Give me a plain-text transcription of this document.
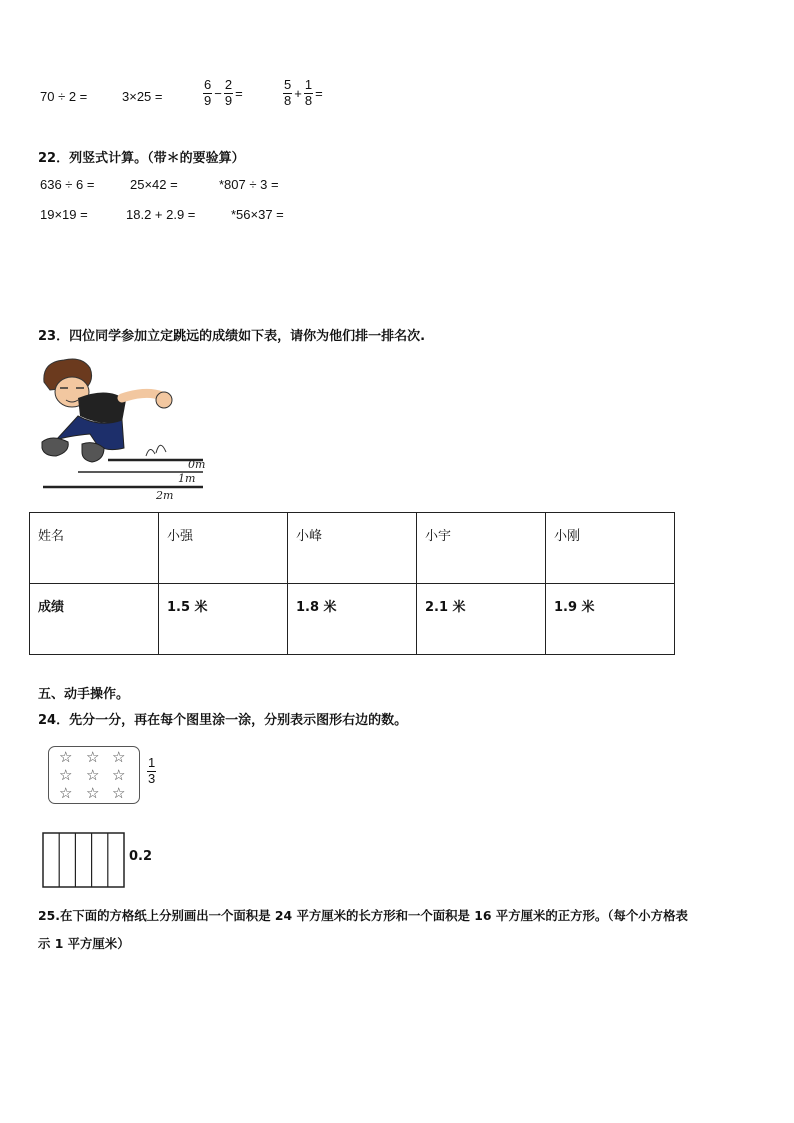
70 ÷ 2 =	3×25 =	$\frac{6}{9} - \frac{2}{9}$ =	$\frac{5}{8} + \frac{1}{8}$ =
22．列竖式计算。（带＊的要验算）
636 ÷ 6 =	25×42 =	*807 ÷ 3 =
19×19 =	18.2 + 2.9 =	*56×37 =
23．四位同学参加立定跳远的成绩如下表，请你为他们排一排名次.
0m
1m
2m
姓名	小强	小峰	小宇	小刚
成绩	1.5 米	1.8 米	2.1 米	1.9 米
五、动手操作。
24．先分一分，再在每个图里涂一涂，分别表示图形右边的数。
☆ ☆ ☆
☆ ☆ ☆
☆ ☆ ☆
$\frac{1}{3}$
0.2
25.在下面的方格纸上分别画出一个面积是 24 平方厘米的长方形和一个面积是 16 平方厘米的正方形。（每个小方格表
示 1 平方厘米）
